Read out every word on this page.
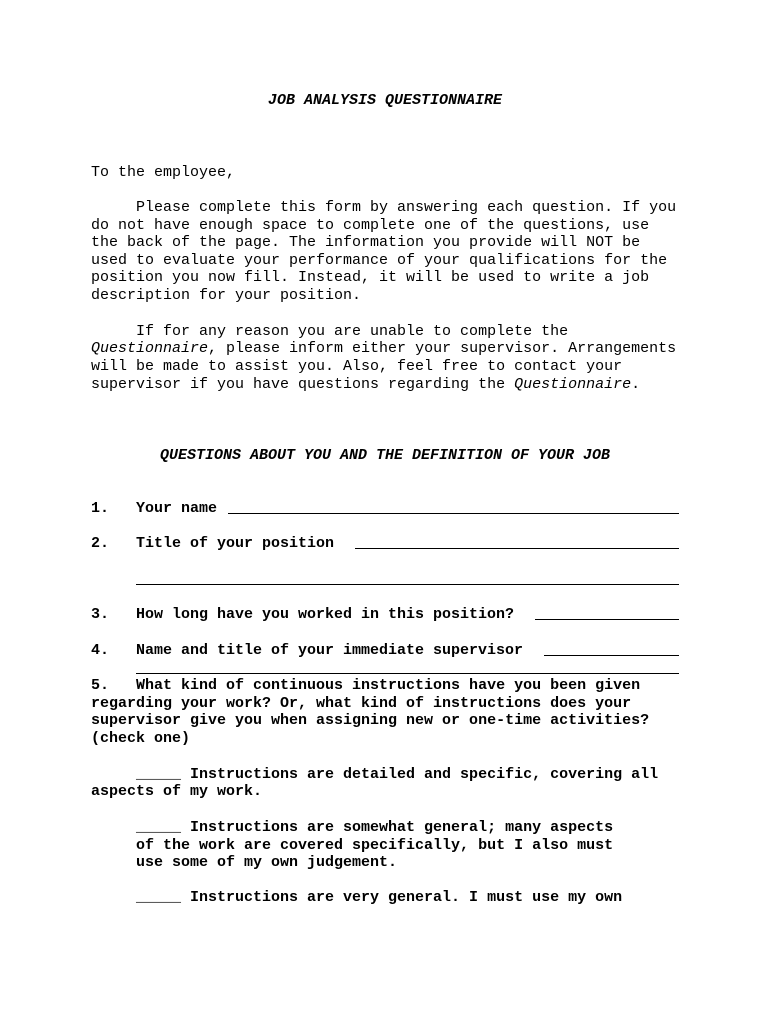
JOB ANALYSIS QUESTIONNAIRE
To the employee,
Please complete this form by answering each question. If you
do not have enough space to complete one of the questions, use
the back of the page. The information you provide will NOT be
used to evaluate your performance of your qualifications for the
position you now fill. Instead, it will be used to write a job
description for your position.
If for any reason you are unable to complete the
Questionnaire, please inform either your supervisor. Arrangements
will be made to assist you. Also, feel free to contact your
supervisor if you have questions regarding the Questionnaire.
QUESTIONS ABOUT YOU AND THE DEFINITION OF YOUR JOB
1. Your name
2. Title of your position
3. How long have you worked in this position?
4. Name and title of your immediate supervisor
5.   What kind of continuous instructions have you been given
regarding your work? Or, what kind of instructions does your
supervisor give you when assigning new or one-time activities?
(check one)
_____ Instructions are detailed and specific, covering all
aspects of my work.
_____ Instructions are somewhat general; many aspects
of the work are covered specifically, but I also must
use some of my own judgement.
_____ Instructions are very general. I must use my own
